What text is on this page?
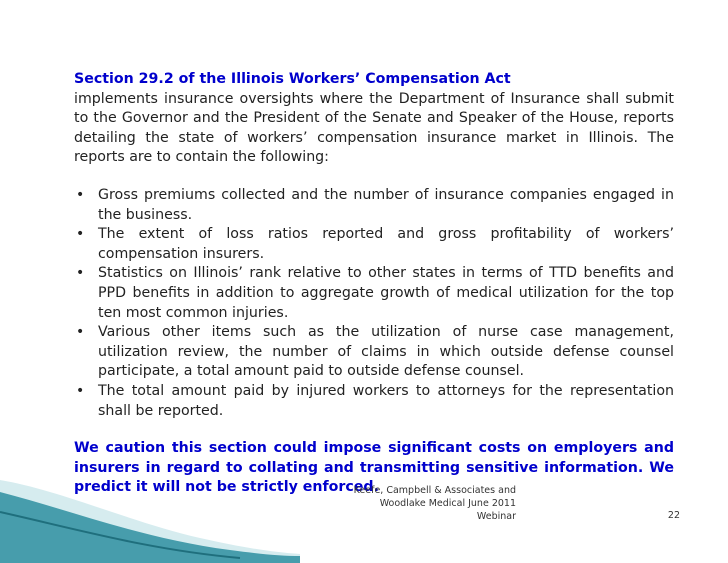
Section 29.2 of the Illinois Workers’ Compensation Act
implements insurance oversights where the Department of Insurance shall submit to the Governor and the President of the Senate and Speaker of the House, reports detailing the state of workers’ compensation insurance market in Illinois. The reports are to contain the following:
• Gross premiums collected and the number of insurance companies engaged in the business.
• The extent of loss ratios reported and gross profitability of workers’ compensation insurers.
• Statistics on Illinois’ rank relative to other states in terms of TTD benefits and PPD benefits in addition to aggregate growth of medical utilization for the top ten most common injuries.
• Various other items such as the utilization of nurse case management, utilization review, the number of claims in which outside defense counsel participate, a total amount paid to outside defense counsel.
• The total amount paid by injured workers to attorneys for the representation shall be reported.
We caution this section could impose significant costs on employers and insurers in regard to collating and transmitting sensitive information. We predict it will not be strictly enforced.
Keefe, Campbell & Associates and
Woodlake Medical June 2011
Webinar	22
